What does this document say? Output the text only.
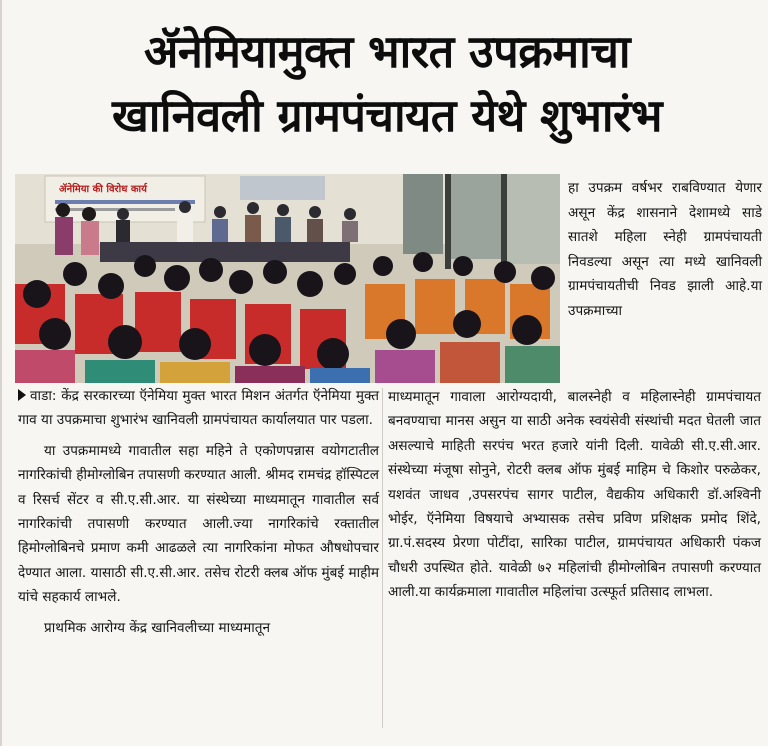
ॲनेमियामुक्त भारत उपक्रमाचा
खानिवली ग्रामपंचायत येथे शुभारंभ
ॲनेमिया की विरोध कार्य	हा उपक्रम वर्षभर राबविण्यात येणार असून केंद्र शासनाने देशामध्ये साडे सातशे महिला स्नेही ग्रामपंचायती निवडल्या असून त्या मध्ये खानिवली ग्रामपंचायतीची निवड झाली आहे.या उपक्रमाच्या

वाडा: केंद्र सरकारच्या ऍनेमिया मुक्त भारत मिशन अंतर्गत ऍनेमिया मुक्त गाव या उपक्रमाचा शुभारंभ खानिवली ग्रामपंचायत कार्यालयात पार पडला.

या उपक्रमामध्ये गावातील सहा महिने ते एकोणपन्नास वयोगटातील नागरिकांची हीमोग्लोबिन तपासणी करण्यात आली. श्रीमद रामचंद्र हॉस्पिटल व रिसर्च सेंटर व सी.ए.सी.आर. या संस्थेच्या माध्यमातून गावातील सर्व नागरिकांची तपासणी करण्यात आली.ज्या नागरिकांचे रक्तातील हिमोग्लोबिनचे प्रमाण कमी आढळले त्या नागरिकांना मोफत औषधोपचार देण्यात आला. यासाठी सी.ए.सी.आर. तसेच रोटरी क्लब ऑफ मुंबई माहीम यांचे सहकार्य लाभले.

प्राथमिक आरोग्य केंद्र खानिवलीच्या माध्यमातून

माध्यमातून गावाला आरोग्यदायी, बालस्नेही व महिलास्नेही ग्रामपंचायत बनवण्याचा मानस असुन या साठी अनेक स्वयंसेवी संस्थांची मदत घेतली जात असल्याचे माहिती सरपंच भरत हजारे यांनी दिली. यावेळी सी.ए.सी.आर. संस्थेच्या मंजूषा सोनुने, रोटरी क्लब ऑफ मुंबई माहिम चे किशोर परुळेकर, यशवंत जाधव ,उपसरपंच सागर पाटील, वैद्यकीय अधिकारी डॉ.अश्विनी भोईर, ऍनेमिया विषयाचे अभ्यासक तसेच प्रविण प्रशिक्षक प्रमोद शिंदे, ग्रा.पं.सदस्य प्रेरणा पोटींदा, सारिका पाटील, ग्रामपंचायत अधिकारी पंकज चौधरी उपस्थित होते. यावेळी ७२ महिलांची हीमोग्लोबिन तपासणी करण्यात आली.या कार्यक्रमाला गावातील महिलांचा उत्स्फूर्त प्रतिसाद लाभला.
